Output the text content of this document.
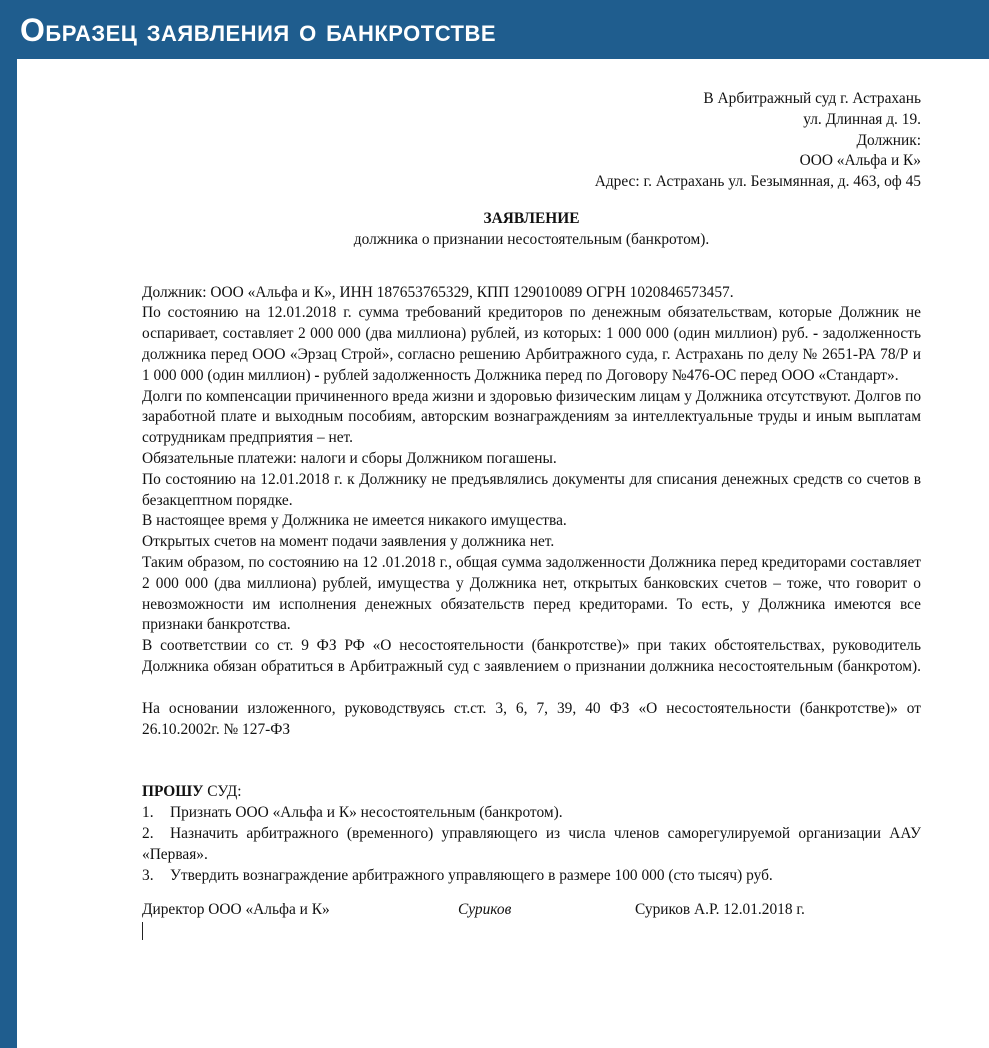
Образец заявления о банкротстве
В Арбитражный суд г. Астрахань
ул. Длинная д. 19.
Должник:
ООО «Альфа и К»
Адрес: г. Астрахань ул. Безымянная, д. 463, оф 45
ЗАЯВЛЕНИЕ
должника о признании несостоятельным (банкротом).
Должник: ООО «Альфа и К», ИНН 187653765329, КПП 129010089 ОГРН 1020846573457.
По состоянию на 12.01.2018 г. сумма требований кредиторов по денежным обязательствам, которые Должник не оспаривает, составляет 2 000 000 (два миллиона) рублей, из которых: 1 000 000 (один миллион) руб. - задолженность должника перед ООО «Эрзац Строй», согласно решению Арбитражного суда, г. Астрахань по делу № 2651-РА 78/Р и 1 000 000 (один миллион) - рублей задолженность Должника перед по Договору №476-ОС перед ООО «Стандарт».
Долги по компенсации причиненного вреда жизни и здоровью физическим лицам у Должника отсутствуют. Долгов по заработной плате и выходным пособиям, авторским вознаграждениям за интеллектуальные труды и иным выплатам сотрудникам предприятия – нет.
Обязательные платежи: налоги и сборы Должником погашены.
По состоянию на 12.01.2018 г. к Должнику не предъявлялись документы для списания денежных средств со счетов в безакцептном порядке.
В настоящее время у Должника не имеется никакого имущества.
Открытых счетов на момент подачи заявления у должника нет.
Таким образом, по состоянию на 12 .01.2018 г., общая сумма задолженности Должника перед кредиторами составляет 2 000 000 (два миллиона) рублей, имущества у Должника нет, открытых банковских счетов – тоже, что говорит о невозможности им исполнения денежных обязательств перед кредиторами. То есть, у Должника имеются все признаки банкротства.
В соответствии со ст. 9 ФЗ РФ «О несостоятельности (банкротстве)» при таких обстоятельствах, руководитель Должника обязан обратиться в Арбитражный суд с заявлением о признании должника несостоятельным (банкротом).
На основании изложенного, руководствуясь ст.ст. 3, 6, 7, 39, 40 ФЗ «О несостоятельности (банкротстве)» от 26.10.2002г. № 127-ФЗ
ПРОШУ СУД:
1. Признать ООО «Альфа и К» несостоятельным (банкротом).
2. Назначить арбитражного (временного) управляющего из числа членов саморегулируемой организации ААУ «Первая».
3. Утвердить вознаграждение арбитражного управляющего в размере 100 000 (сто тысяч) руб.
Директор ООО «Альфа и К»	Суриков	Суриков А.Р. 12.01.2018 г.
